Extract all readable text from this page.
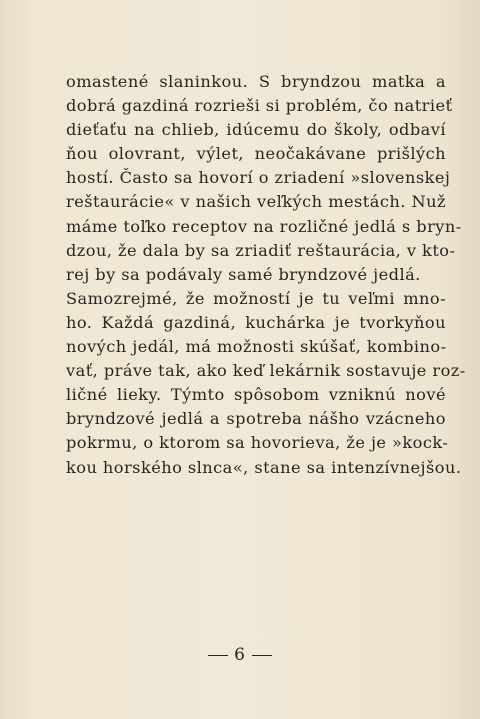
omastené slaninkou. S bryndzou matka a
dobrá gazdiná rozrieši si problém, čo natrieť
dieťaťu na chlieb, idúcemu do školy, odbaví
ňou olovrant, výlet, neočakávane prišlých
hostí. Často sa hovorí o zriadení »slovenskej
reštaurácie« v našich veľkých mestách. Nuž
máme toľko receptov na rozličné jedlá s bryn-
dzou, že dala by sa zriadiť reštaurácia, v kto-
rej by sa podávaly samé bryndzové jedlá.
Samozrejmé, že možností je tu veľmi mno-
ho. Každá gazdiná, kuchárka je tvorkyňou
nových jedál, má možnosti skúšať, kombino-
vať, práve tak, ako keď lekárnik sostavuje roz-
ličné lieky. Týmto spôsobom vzniknú nové
bryndzové jedlá a spotreba nášho vzácneho
pokrmu, o ktorom sa hovorieva, že je »kock-
kou horského slnca«, stane sa intenzívnejšou.
6
